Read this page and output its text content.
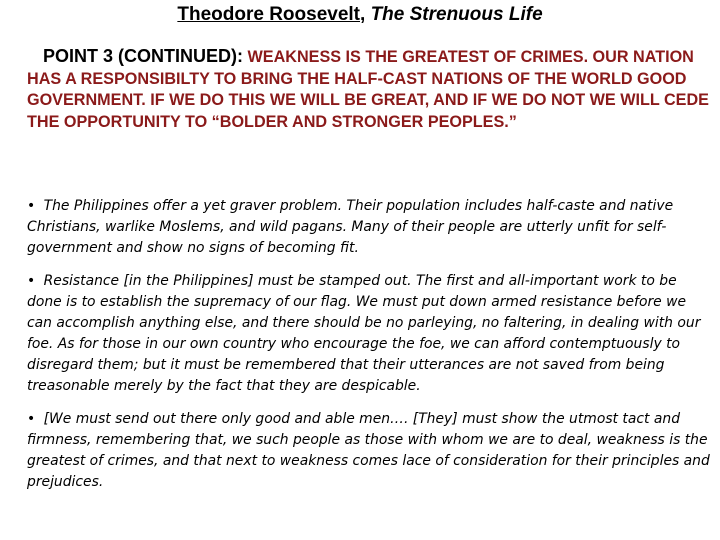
Theodore Roosevelt, The Strenuous Life

POINT 3 (CONTINUED): WEAKNESS IS THE GREATEST OF CRIMES. OUR NATION HAS A RESPONSIBILTY TO BRING THE HALF-CAST NATIONS OF THE WORLD GOOD GOVERNMENT. IF WE DO THIS WE WILL BE GREAT, AND IF WE DO NOT WE WILL CEDE THE OPPORTUNITY TO “BOLDER AND STRONGER PEOPLES.”

• The Philippines offer a yet graver problem. Their population includes half-caste and native Christians, warlike Moslems, and wild pagans. Many of their people are utterly unfit for self-government and show no signs of becoming fit.
• Resistance [in the Philippines] must be stamped out. The first and all-important work to be done is to establish the supremacy of our flag. We must put down armed resistance before we can accomplish anything else, and there should be no parleying, no faltering, in dealing with our foe. As for those in our own country who encourage the foe, we can afford contemptuously to disregard them; but it must be remembered that their utterances are not saved from being treasonable merely by the fact that they are despicable.
• [We must send out there only good and able men…. [They] must show the utmost tact and firmness, remembering that, we such people as those with whom we are to deal, weakness is the greatest of crimes, and that next to weakness comes lace of consideration for their principles and prejudices.
